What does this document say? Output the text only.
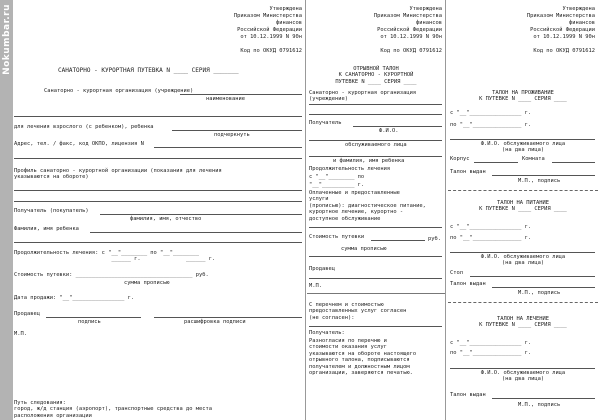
Nokumbar.ru	Утверждена
Приказом Министерства
финансов
Российской Федерации
от 10.12.1999 N 90н
Код по ОКУД 0791612
САНАТОРНО - КУРОРТНАЯ ПУТЕВКА N ____ СЕРИЯ _______
Санаторно - курортная организация (учреждение)
наименование
для лечения взрослого (с ребенком), ребенка
подчеркнуть
Адрес, тел. / факс, код ОКПО, лицензия N
Профиль санаторно - курортной организации (показания для лечения
указываются на обороте)
Получатель (покупатель)
фамилия, имя, отчество
Фамилия, имя ребенка
Продолжительность лечения: с "__"________ по "__"________
______ г.              ______ г.
Стоимость путевки: ____________________________________ руб.
сумма прописью
Дата продажи: "__"________________ г.
Продавец
подпись	расшифровка подписи
М.П.
Путь следования:
город, ж/д станция (аэропорт), транспортные средства до места
расположения организации
Утверждена
Приказом Министерства
финансов
Российской Федерации
от 10.12.1999 N 90н
Код по ОКУД 0791612
ОТРЫВНОЙ ТАЛОН
К САНАТОРНО - КУРОРТНОЙ
ПУТЕВКЕ N ____ СЕРИЯ ____
Санаторно - курортная организация
(учреждение)
Получатель
Ф.И.О.
обслуживаемого лица
и фамилия, имя ребенка
Продолжительность лечения
с "__"________ по
"__"__________ г.
Оплаченные и предоставленные
услуги
(прописью): диагностическое питание,
курортное лечение, курортно -
доступное обслуживание
Стоимость путевки	руб.
сумма прописью
Продавец
М.П.
С перечнем и стоимостью
предоставленных услуг согласен
(не согласен):
Получатель:
Разногласия по перечню и
стоимости оказания услуг
указываются на обороте настоящего
отрывного талона, подписываются
получателем и должностным лицом
организации, заверяются печатью.
Утверждена
Приказом Министерства
финансов
Российской Федерации
от 10.12.1999 N 90н
Код по ОКУД 0791612
ТАЛОН НА ПРОЖИВАНИЕ
К ПУТЕВКЕ N ____ СЕРИЯ ____
с "__"________________ г.
по "__"_______________ г.
Ф.И.О. обслуживаемого лица
(на два лица)
Корпус	Комната
Талон выдан
М.П., подпись
ТАЛОН НА ПИТАНИЕ
К ПУТЕВКЕ N ____ СЕРИЯ ____
с "__"________________ г.
по "__"_______________ г.
Ф.И.О. обслуживаемого лица
(на два лица)
Стол
Талон выдан
М.П., подпись
ТАЛОН НА ЛЕЧЕНИЕ
К ПУТЕВКЕ N ____ СЕРИЯ ____
с "__"________________ г.
по "__"_______________ г.
Ф.И.О. обслуживаемого лица
(на два лица)
Талон выдан
М.П., подпись
